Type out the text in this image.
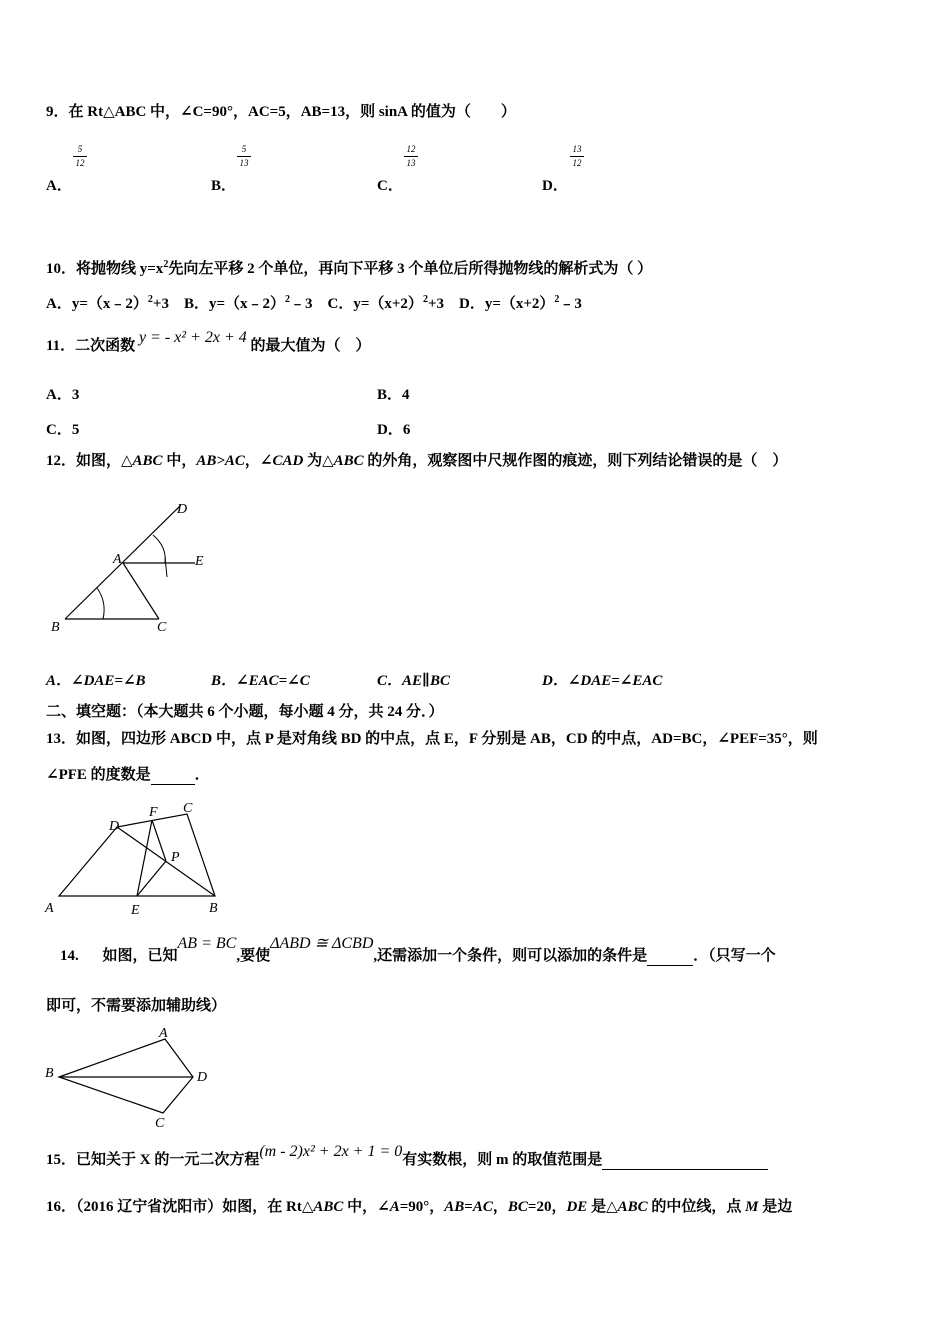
9．在 Rt△ABC 中，∠C=90°，AC=5，AB=13，则 sinA 的值为（　　）
5
12
A．
5
13
B．
12
13
C．
13
12
D．
10．将抛物线 $y=x^2$先向左平移 2 个单位，再向下平移 3 个单位后所得抛物线的解析式为（ ）
A．y=（x﹣2）$^2$+3　B．y=（x﹣2）$^2$﹣3　C．$y=(x+2)^2+3$　D．$y=(x+2)^2﹣3$
11．二次函数 y = - x² + 2x + 4 的最大值为（　）
A．3	B．4
C．5	D．6
12．如图，△ABC 中，AB>AC，∠CAD 为△ABC 的外角，观察图中尺规作图的痕迹，则下列结论错误的是（　）
D
A	E
B	C
A．∠DAE=∠B	B．∠EAC=∠C	C．AE∥BC	D．∠DAE=∠EAC
二、填空题：（本大题共 6 个小题，每小题 4 分，共 24 分．）
13．如图，四边形 ABCD 中，点 P 是对角线 BD 的中点，点 E，F 分别是 AB，CD 的中点，AD=BC，∠PEF=35°，则
∠PFE 的度数是	．
D
F C
P
A	E	B
14. 如图，已知AB = BC,要使ΔABD ≅ ΔCBD,还需添加一个条件，则可以添加的条件是	．（只写一个
即可，不需要添加辅助线）
A
B	D
C
15．已知关于 X 的一元二次方程(m - 2)x² + 2x + 1 = 0有实数根，则 m 的取值范围是
16．（2016 辽宁省沈阳市）如图，在 Rt△ABC 中，∠A=90°，AB=AC，BC=20，DE 是△ABC 的中位线，点 M 是边
